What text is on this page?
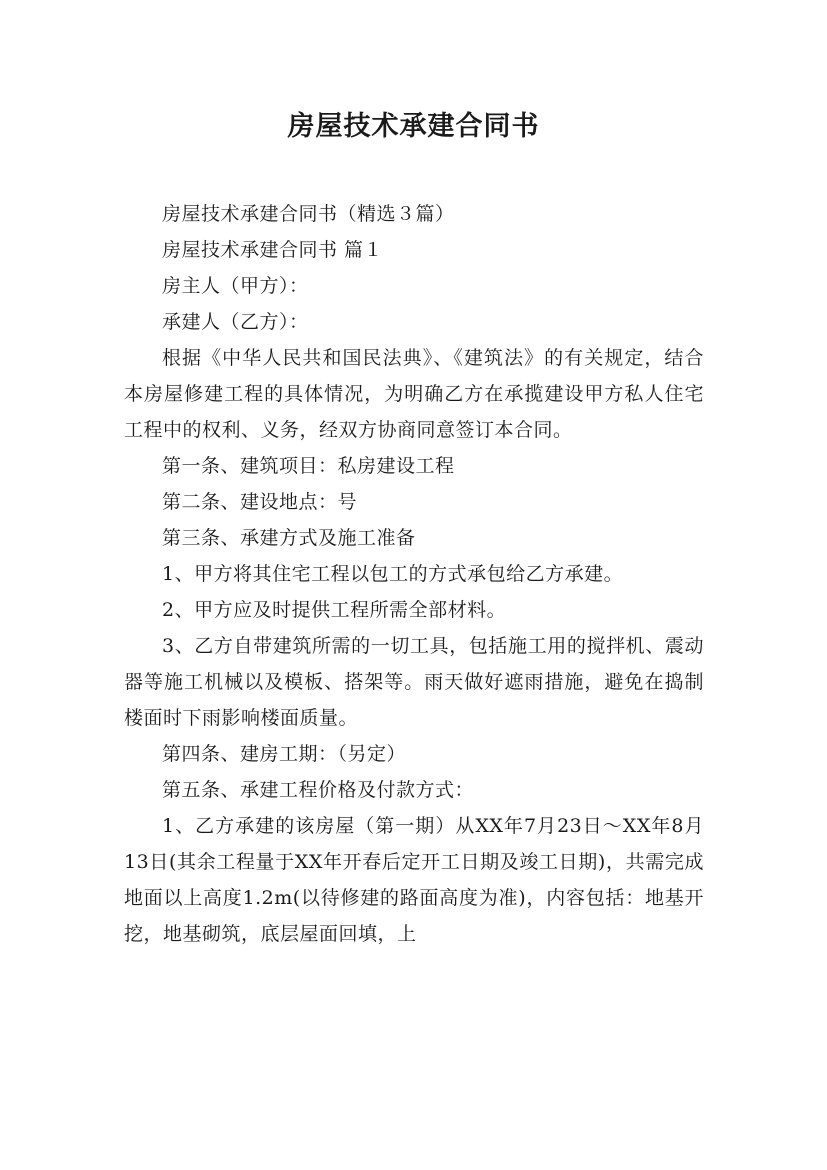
房屋技术承建合同书

房屋技术承建合同书（精选３篇）

房屋技术承建合同书 篇１

房主人（甲方）：

承建人（乙方）：

根据《中华人民共和国民法典》、《建筑法》的有关规定，结合本房屋修建工程的具体情况，为明确乙方在承揽建设甲方私人住宅工程中的权利、义务，经双方协商同意签订本合同。

第一条、建筑项目：私房建设工程

第二条、建设地点：号

第三条、承建方式及施工准备

1、甲方将其住宅工程以包工的方式承包给乙方承建。

2、甲方应及时提供工程所需全部材料。

3、乙方自带建筑所需的一切工具，包括施工用的搅拌机、震动器等施工机械以及模板、搭架等。雨天做好遮雨措施，避免在捣制楼面时下雨影响楼面质量。

第四条、建房工期：（另定）

第五条、承建工程价格及付款方式：

1、乙方承建的该房屋（第一期）从XX年7月23日～XX年8月13日(其余工程量于XX年开春后定开工日期及竣工日期)，共需完成地面以上高度1.2m(以待修建的路面高度为准)，内容包括：地基开挖，地基砌筑，底层屋面回填，上
